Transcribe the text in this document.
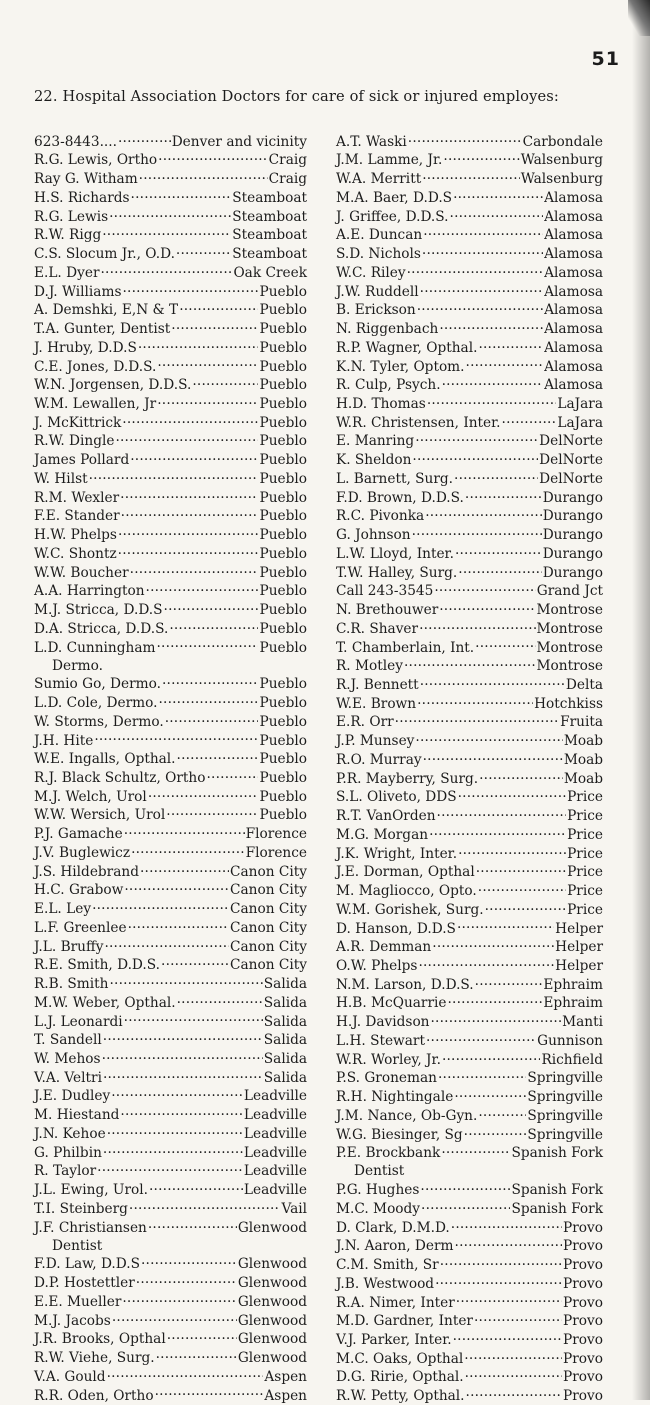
51
22. Hospital Association Doctors for care of sick or injured employes:
623-8443.... .....	Denver and vicinity
R.G. Lewis, Ortho .....	Craig
Ray G. Witham .....	Craig
H.S. Richards .....	Steamboat
R.G. Lewis .....	Steamboat
R.W. Rigg .....	Steamboat
C.S. Slocum Jr., O.D. .....	Steamboat
E.L. Dyer .....	Oak Creek
D.J. Williams .....	Pueblo
A. Demshki, E,N & T .....	Pueblo
T.A. Gunter, Dentist .....	Pueblo
J. Hruby, D.D.S .....	Pueblo
C.E. Jones, D.D.S. .....	Pueblo
W.N. Jorgensen, D.D.S. .....	Pueblo
W.M. Lewallen, Jr .....	Pueblo
J. McKittrick .....	Pueblo
R.W. Dingle .....	Pueblo
James Pollard .....	Pueblo
W. Hilst .....	Pueblo
R.M. Wexler .....	Pueblo
F.E. Stander .....	Pueblo
H.W. Phelps .....	Pueblo
W.C. Shontz .....	Pueblo
W.W. Boucher .....	Pueblo
A.A. Harrington .....	Pueblo
M.J. Stricca, D.D.S .....	Pueblo
D.A. Stricca, D.D.S. .....	Pueblo
L.D. Cunningham .....	Pueblo
Dermo.
Sumio Go, Dermo. .....	Pueblo
L.D. Cole, Dermo. .....	Pueblo
W. Storms, Dermo. .....	Pueblo
J.H. Hite .....	Pueblo
W.E. Ingalls, Opthal. .....	Pueblo
R.J. Black Schultz, Ortho .....	Pueblo
M.J. Welch, Urol .....	Pueblo
W.W. Wersich, Urol .....	Pueblo
P.J. Gamache .....	Florence
J.V. Buglewicz .....	Florence
J.S. Hildebrand .....	Canon City
H.C. Grabow .....	Canon City
E.L. Ley .....	Canon City
L.F. Greenlee .....	Canon City
J.L. Bruffy .....	Canon City
R.E. Smith, D.D.S. .....	Canon City
R.B. Smith .....	Salida
M.W. Weber, Opthal. .....	Salida
L.J. Leonardi .....	Salida
T. Sandell .....	Salida
W. Mehos .....	Salida
V.A. Veltri .....	Salida
J.E. Dudley .....	Leadville
M. Hiestand .....	Leadville
J.N. Kehoe .....	Leadville
G. Philbin .....	Leadville
R. Taylor .....	Leadville
J.L. Ewing, Urol. .....	Leadville
T.I. Steinberg .....	Vail
J.F. Christiansen .....	Glenwood
Dentist
F.D. Law, D.D.S .....	Glenwood
D.P. Hostettler .....	Glenwood
E.E. Mueller .....	Glenwood
M.J. Jacobs .....	Glenwood
J.R. Brooks, Opthal .....	Glenwood
R.W. Viehe, Surg. .....	Glenwood
V.A. Gould .....	Aspen
R.R. Oden, Ortho .....	Aspen
A.T. Waski .....	Carbondale
J.M. Lamme, Jr. .....	Walsenburg
W.A. Merritt .....	Walsenburg
M.A. Baer, D.D.S .....	Alamosa
J. Griffee, D.D.S. .....	Alamosa
A.E. Duncan .....	Alamosa
S.D. Nichols .....	Alamosa
W.C. Riley .....	Alamosa
J.W. Ruddell .....	Alamosa
B. Erickson .....	Alamosa
N. Riggenbach .....	Alamosa
R.P. Wagner, Opthal. .....	Alamosa
K.N. Tyler, Optom. .....	Alamosa
R. Culp, Psych. .....	Alamosa
H.D. Thomas .....	LaJara
W.R. Christensen, Inter. .....	LaJara
E. Manring .....	DelNorte
K. Sheldon .....	DelNorte
L. Barnett, Surg. .....	DelNorte
F.D. Brown, D.D.S. .....	Durango
R.C. Pivonka .....	Durango
G. Johnson .....	Durango
L.W. Lloyd, Inter. .....	Durango
T.W. Halley, Surg. .....	Durango
Call 243-3545 .....	Grand Jct
N. Brethouwer .....	Montrose
C.R. Shaver .....	Montrose
T. Chamberlain, Int. .....	Montrose
R. Motley .....	Montrose
R.J. Bennett .....	Delta
W.E. Brown .....	Hotchkiss
E.R. Orr .....	Fruita
J.P. Munsey .....	Moab
R.O. Murray .....	Moab
P.R. Mayberry, Surg. .....	Moab
S.L. Oliveto, DDS .....	Price
R.T. VanOrden .....	Price
M.G. Morgan .....	Price
J.K. Wright, Inter. .....	Price
J.E. Dorman, Opthal .....	Price
M. Magliocco, Opto. .....	Price
W.M. Gorishek, Surg. .....	Price
D. Hanson, D.D.S .....	Helper
A.R. Demman .....	Helper
O.W. Phelps .....	Helper
N.M. Larson, D.D.S. .....	Ephraim
H.B. McQuarrie .....	Ephraim
H.J. Davidson .....	Manti
L.H. Stewart .....	Gunnison
W.R. Worley, Jr. .....	Richfield
P.S. Groneman .....	Springville
R.H. Nightingale .....	Springville
J.M. Nance, Ob-Gyn. .....	Springville
W.G. Biesinger, Sg .....	Springville
P.E. Brockbank .....	Spanish Fork
Dentist
P.G. Hughes .....	Spanish Fork
M.C. Moody .....	Spanish Fork
D. Clark, D.M.D. .....	Provo
J.N. Aaron, Derm .....	Provo
C.M. Smith, Sr .....	Provo
J.B. Westwood .....	Provo
R.A. Nimer, Inter .....	Provo
M.D. Gardner, Inter .....	Provo
V.J. Parker, Inter. .....	Provo
M.C. Oaks, Opthal .....	Provo
D.G. Ririe, Opthal. .....	Provo
R.W. Petty, Opthal. .....	Provo
